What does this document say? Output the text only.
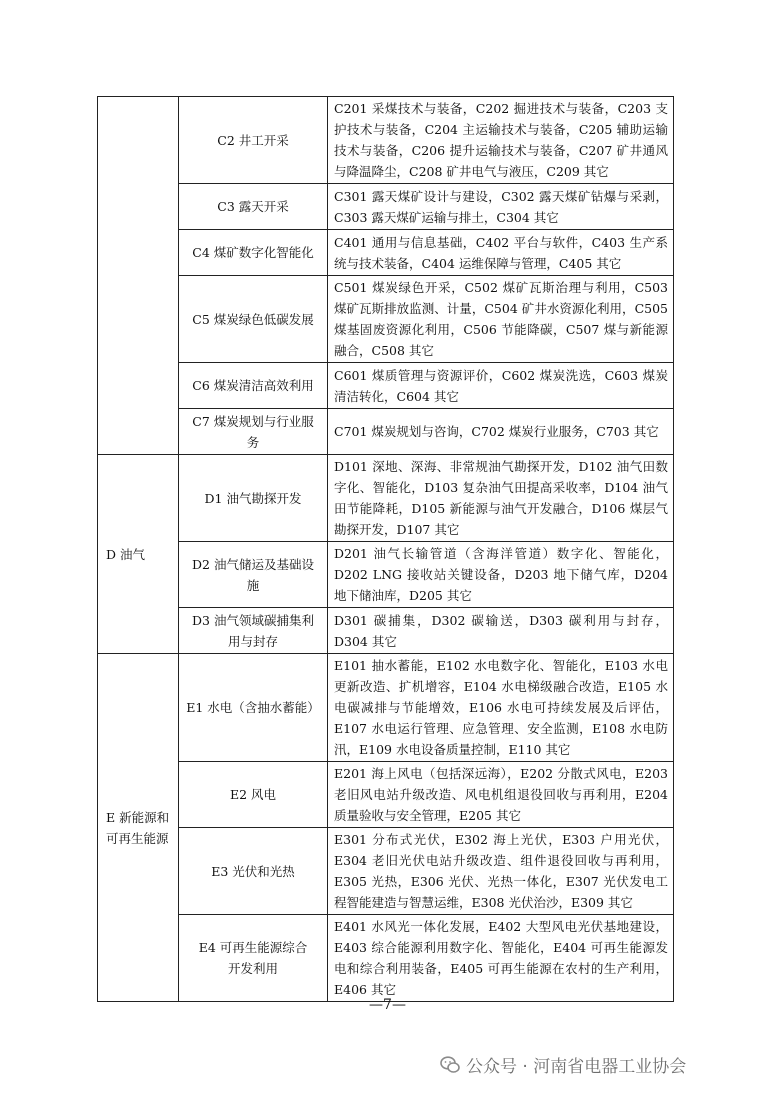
	C2 井工开采	C201 采煤技术与装备，C202 掘进技术与装备，C203 支护技术与装备，C204 主运输技术与装备，C205 辅助运输技术与装备，C206 提升运输技术与装备，C207 矿井通风与降温降尘，C208 矿井电气与液压，C209 其它
	C3 露天开采	C301 露天煤矿设计与建设，C302 露天煤矿钻爆与采剥，C303 露天煤矿运输与排土，C304 其它
	C4 煤矿数字化智能化	C401 通用与信息基础，C402 平台与软件，C403 生产系统与技术装备，C404 运维保障与管理，C405 其它
	C5 煤炭绿色低碳发展	C501 煤炭绿色开采，C502 煤矿瓦斯治理与利用，C503 煤矿瓦斯排放监测、计量，C504 矿井水资源化利用，C505 煤基固废资源化利用，C506 节能降碳，C507 煤与新能源融合，C508 其它
	C6 煤炭清洁高效利用	C601 煤质管理与资源评价，C602 煤炭洗选，C603 煤炭清洁转化，C604 其它
	C7 煤炭规划与行业服务	C701 煤炭规划与咨询，C702 煤炭行业服务，C703 其它
D 油气	D1 油气勘探开发	D101 深地、深海、非常规油气勘探开发，D102 油气田数字化、智能化，D103 复杂油气田提高采收率，D104 油气田节能降耗，D105 新能源与油气开发融合，D106 煤层气勘探开发，D107 其它
	D2 油气储运及基础设施	D201 油气长输管道（含海洋管道）数字化、智能化，D202 LNG 接收站关键设备，D203 地下储气库，D204 地下储油库，D205 其它
	D3 油气领域碳捕集利用与封存	D301 碳捕集，D302 碳输送，D303 碳利用与封存，D304 其它
E 新能源和可再生能源	E1 水电（含抽水蓄能）	E101 抽水蓄能，E102 水电数字化、智能化，E103 水电更新改造、扩机增容，E104 水电梯级融合改造，E105 水电碳减排与节能增效，E106 水电可持续发展及后评估，E107 水电运行管理、应急管理、安全监测，E108 水电防汛，E109 水电设备质量控制，E110 其它
	E2 风电	E201 海上风电（包括深远海），E202 分散式风电，E203 老旧风电站升级改造、风电机组退役回收与再利用，E204 质量验收与安全管理，E205 其它
	E3 光伏和光热	E301 分布式光伏，E302 海上光伏，E303 户用光伏，E304 老旧光伏电站升级改造、组件退役回收与再利用，E305 光热，E306 光伏、光热一体化，E307 光伏发电工程智能建造与智慧运维，E308 光伏治沙，E309 其它
	E4 可再生能源综合开发利用	E401 水风光一体化发展，E402 大型风电光伏基地建设，E403 综合能源利用数字化、智能化，E404 可再生能源发电和综合利用装备，E405 可再生能源在农村的生产利用，E406 其它
—7—
公众号 · 河南省电器工业协会
